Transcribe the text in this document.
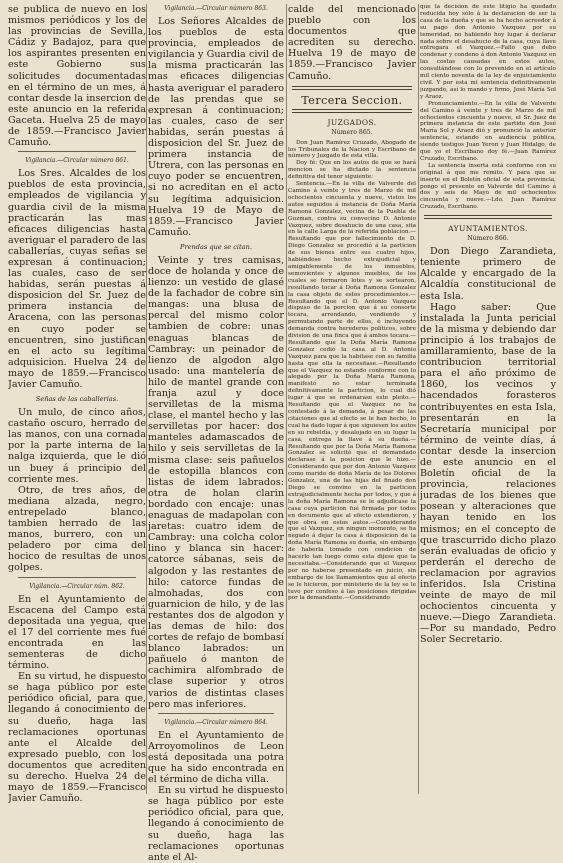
se publica de nuevo en los mismos periódicos y los de las provincias de Sevilla, Cádiz y Badajoz, para que los aspirantes presenten en este Gobierno sus solicitudes documentadas en el término de un mes, á contar desde la insercion de este anuncio en la referida Gaceta. Huelva 25 de mayo de 1859.—Francisco Javier Camuño.

Vigilancia.—Circular número 861.

Los Sres. Alcaldes de los pueblos de esta provincia, empleados de vigilancia y guardia civil de la misma practicarán las mas eficaces diligencias hasta averiguar el paradero de las caballerías, cuyas señas se expresan á continuacion; las cuales, caso de ser habidas, serán puestas á disposicion del Sr. Juez de primera instancia de Aracena, con las personas en cuyo poder se encuentren, sino justifican en el acto su legítima adquisicion. Huelva 24 de mayo de 1859.—Francisco Javier Camuño.

Señas de las caballerías.

Un mulo, de cinco años, castaño oscuro, herrado de las manos, con una cornada por la parte interna de la nalga izquierda, que le dió un buey á principio del corriente mes.

Otro, de tres años, de mediana alzada, negro, entrepelado blanco, tambien herrado de las manos, burrero, con un peladero por cima del hocico de resultas de unos golpes.

Vigilancia.—Circular núm. 862.

En el Ayuntamiento de Escacena del Campo está depositada una yegua, que el 17 del corriente mes fué encontrada en las sementeras de dicho término.

En su virtud, he dispuesto se haga público por este periódico oficial, para que, llegando á conocimiento de su dueño, haga las reclamaciones oportunas ante el Alcalde del expresado pueblo, con los documentos que acrediten su derecho. Huelva 24 de mayo de 1859.—Francisco Javier Camuño.

Vigilancia.—Circular número 863.

Los Señores Alcaldes de los pueblos de esta provincia, empleados de vigilancia y Guardia civil de la misma practicarán las mas eficaces diligencias hasta averiguar el paradero de las prendas que se expresan á continuacion; las cuales, caso de ser habidas, serán puestas á disposicion del Sr. Juez de primera instancia de Utrera, con las personas en cuyo poder se encuentren, si no acreditan en el acto su legítima adquisicion. Huelva 19 de Mayo de 1859.—Francisco Javier Camuño.

Prendas que se citan.

Veinte y tres camisas, doce de holanda y once de lienzo: un vestido de glasé de la fachador de cobre sin mangas: una blusa de percal del mismo color tambien de cobre: unas enaguas blancas de Cambray: un peinador de lienzo de algodon algo usado: una mantelería de hilo de mantel grande con franja azul y doce servilletas de la misma clase, el mantel hecho y las servilletas por hacer: dos manteles adamascados de hilo y seis servilletas de la misma clase: seis pañuelos de estopilla blancos con listas de idem labrados: otra de holan clarin bordado con encaje: unas enaguas de madapolan con jaretas: cuatro idem de Cambray: una colcha color lino y blanca sin hacer: catorce sábanas, seis de algodon y las restantes de hilo: catorce fundas de almohadas, dos con guarnicion de hilo, y de las restantes dos de algodon y las demas de hilo: dos cortes de refajo de bombasí blanco labrados: un pañuelo ó manton de cachimira alfombrado de clase superior y otros varios de distintas clases pero mas inferiores.

Vigilancia.—Circular número 864.

En el Ayuntamiento de Arroyomolinos de Leon está depositada una potra que ha sido encontrada en el término de dicha villa.

En su virtud he dispuesto se haga público por este periódico oficial, para que, llegando á conocimiento de su dueño, haga las reclamaciones oportunas ante el Al-

calde del mencionado pueblo con los documentos que acrediten su derecho. Huelva 19 de mayo de 1859.—Francisco Javier Camuño.

Tercera Seccion.
JUZGADOS.
Número 865.

Don Juan Ramírez Cruzado, Abogado de los Tribunales de la Nacion y Escribano de número y Juzgado de esta villa.

Doy fé: Que en los autos de que se hará mencion se ha dictado la sentencia definitiva del tenor siguiente:

Sentencia.—En la villa de Valverde del Camino á veinte y tres de Marzo de mil ochocientos cincuenta y nueve, vistos los autos seguidos á instancia de Doña María Ramona Gonzalez, vecina de la Puebla de Guzman, contra su convecino D. Antonio Vazquez, sobre desahucio de una casa, sita en la calle Larga de la referida poblacion.—Resultando que por fallecimiento de D. Diego Gonzalez se procedió á la particion de sus bienes entre sus cuatro hijos, habiéndose hecho extrajudicial y amigablemente de los inmuebles, semovientes y algunos muebles, de los cuales se formaron lotes y se sortearon, resultando tocar á Doña Ramona Gonzalez la casa objeto de estos procedimientos.—Resultando que el D. Antonio Vazquez dispuso de la porcion que á su consorte tocara, arrendando, vendiendo y permutando parte de ellos, é incluyendo demanda contra herederos políticos, sobre division de una finca que á ambos tocara.—Resultando que la Doña María Ramona Gonzalez cedió la casa al D. Antonio Vazquez para que la habitase con su familia hasta que ella la necesitase.—Resultando que el Vazquez no estando conforme con lo alegado por la Doña María Ramona, manifestó no estar terminada definitivamente la particion, lo cual dió lugar á que se ordenarase este pleito.—Resultando que el Vazquez no ha contestado á la demanda, á pesar de las citaciones que al efecto se le han hecho, lo cual ha dado lugar á que siguiesen los autos en su rebeldía, y desalojado en su lugar la casa, entrega la llave á su dueña.—Resultando que por la Doña María Ramona Gonzalez se solicitó que el demandado declarase á la posicion que le hizo.—Considerando que por don Antonio Vazquez como marido de doña María de los Dolores Gonzalez, una de las hijas del finado don Diego se convino en la particion extrajudicialmente hecha por todos, y que á la doña María Ramona se le adjudicase la casa cuya particion fué firmada por todos en documento que al efecto extendieron, y que obra en estos autos.—Considerando que el Vazquez, en ningun momento, se ha negado á dejar la casa á disposicion de la doña María Ramona su dueña, sin embargo de haberla tomado con condicion de hacerlo tan luego como esta dijese que la necesitaba.—Considerando que el Vazquez por no haberse presentado en juicio, sin embargo de los llamamientos que al efecto se le hicieron, por ministerio de la ley se le tuvo por confeso á las posiciones dirigidas por la demandante.—Considerando

que la decision de este litigio ha quedado reducida hoy sólo á la declaracion de ser la casa de la dueña y que se ha hecho acreedor á su pago don Antonio Vazquez por su temeridad, no habiendo hoy lugar á declarar nada sobre el desahucio de la casa, cuya llave entregara el Vazquez.—Fallo que debo condenar y condeno á don Antonio Vazquez en las costas causadas en estos autos, consultándose con lo prevenido en el artículo mil ciento noventa de la ley de enjuiciamiento civil. Y por esta mi sentencia definitivamente juzgando, así lo mando y firmo, José María Sol y Araoz.

Pronunciamiento.—En la villa de Valverde del Camino á veinte y tres de Marzo de mil ochocientos cincuenta y nueve, el Sr. Juez de primera instancia de este partido don José María Sol y Araoz dió y pronunció la anterior sentencia, estando en audiencia pública, siendo testigos Juan Yeron y Juan Hidalgo, de que yo el Escribano doy fé.—Juan Ramírez Cruzado, Escribano.

La sentencia inserta está conforme con su original á que me remito. Y para que se inserte en el Boletín oficial de esta provincia, pongo el presente en Valverde del Camino á dos y seis de Mayo de mil ochocientos cincuenta y nueve.—Ldo. Juan Ramírez Cruzado, Escribano.

AYUNTAMIENTOS.
Número 866.

Don Diego Zarandieta, teniente primero de Alcalde y encargado de la Alcaldía constitucional de esta Isla.

Hago saber: Que instalada la Junta pericial de la misma y debiendo dar principio á los trabajos de amillaramiento, base de la contribucion territorial para el año próximo de 1860, los vecinos y hacendados forasteros contribuyentes en esta Isla, presentarán en la Secretaría municipal por término de veinte días, á contar desde la insercion de este anuncio en el Boletín oficial de la provincia, relaciones juradas de los bienes que posean y alteraciones que hayan tenido en los mismos; en el concepto de que trascurrido dicho plazo serán evaluadas de oficio y perderán el derecho de reclamacion por agravios inferidos. Isla Cristina veinte de mayo de mil ochocientos cincuenta y nueve.—Diego Zarandieta.—Por su mandado, Pedro Soler Secretario.
